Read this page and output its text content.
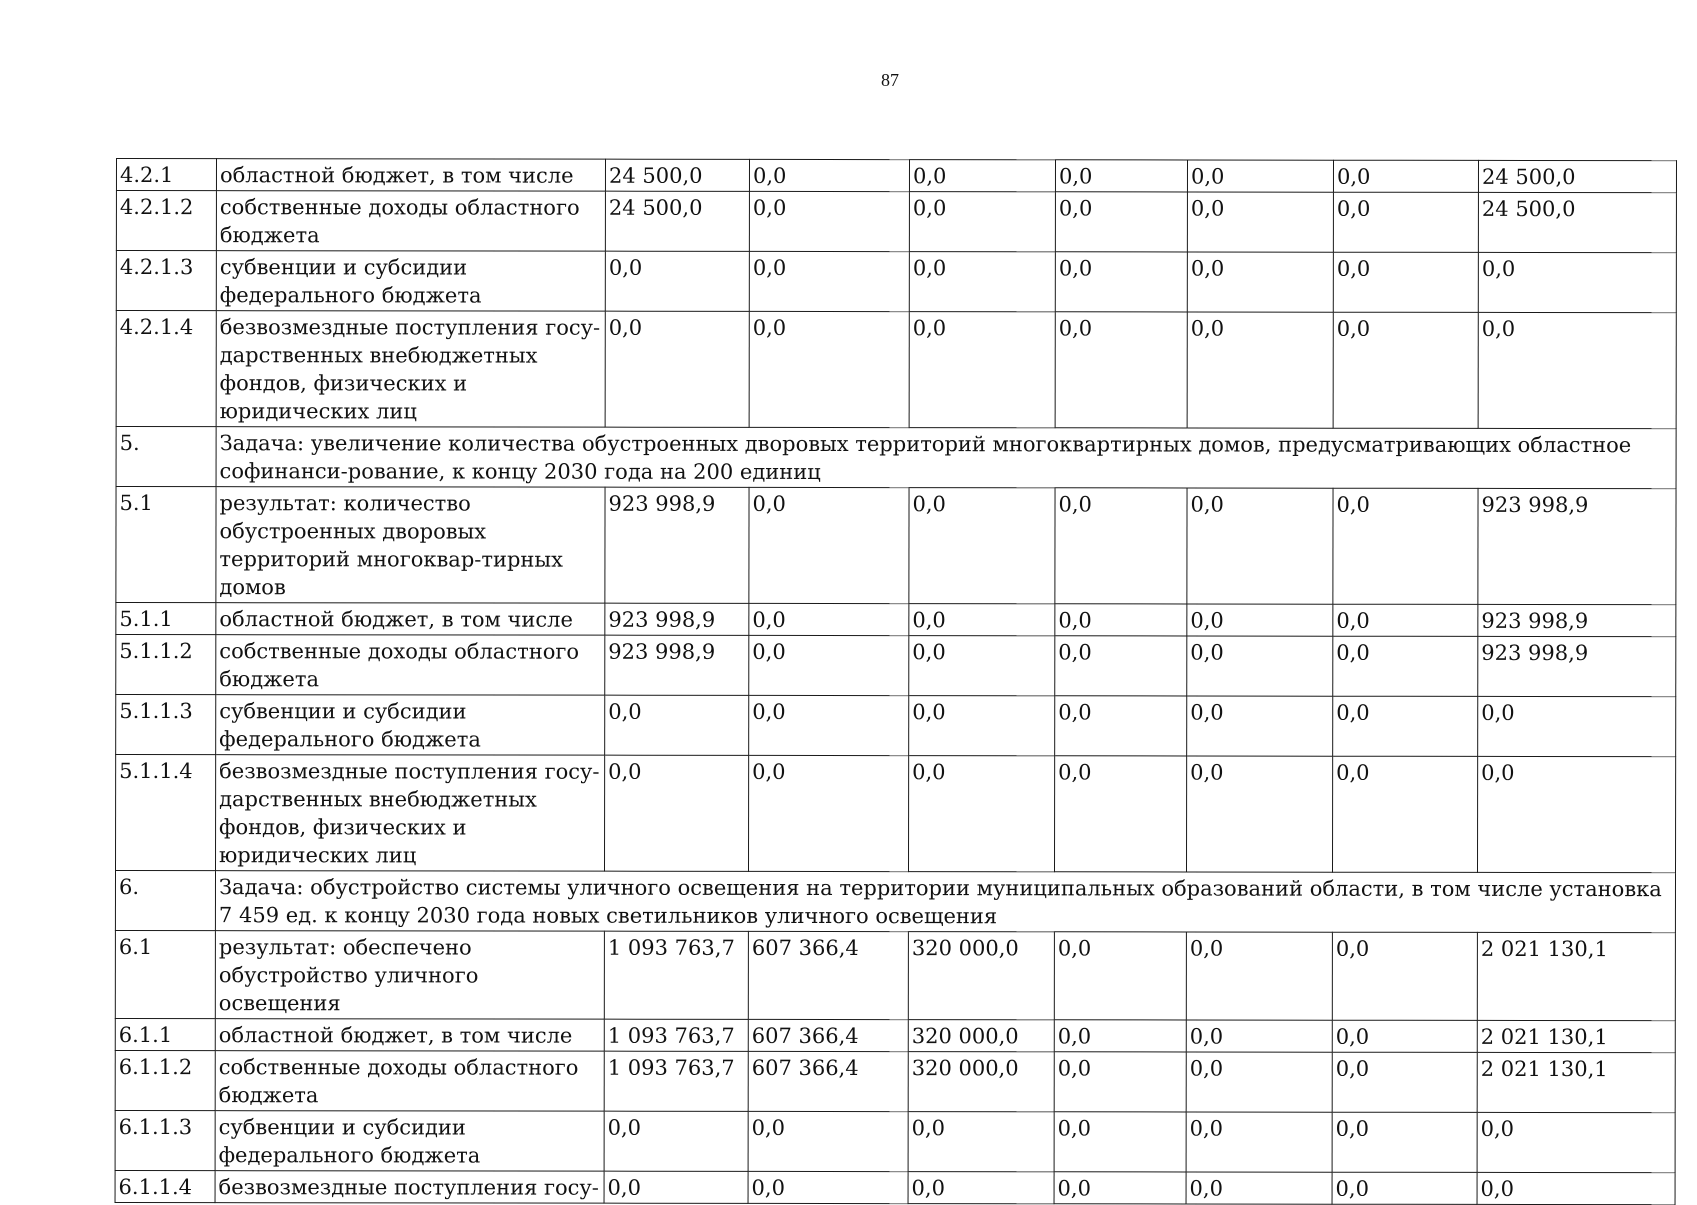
87
4.2.1	областной бюджет, в том числе	24 500,0	0,0	0,0	0,0	0,0	0,0	24 500,0
4.2.1.2	собственные доходы областного бюджета	24 500,0	0,0	0,0	0,0	0,0	0,0	24 500,0
4.2.1.3	субвенции и субсидии федерального бюджета	0,0	0,0	0,0	0,0	0,0	0,0	0,0
4.2.1.4	безвозмездные поступления госу-дарственных внебюджетных фондов, физических и юридических лиц	0,0	0,0	0,0	0,0	0,0	0,0	0,0
5.	Задача: увеличение количества обустроенных дворовых территорий многоквартирных домов, предусматривающих областное софинанси-рование, к концу 2030 года на 200 единиц							
5.1	результат: количество обустроенных дворовых территорий многоквар-тирных домов	923 998,9	0,0	0,0	0,0	0,0	0,0	923 998,9
5.1.1	областной бюджет, в том числе	923 998,9	0,0	0,0	0,0	0,0	0,0	923 998,9
5.1.1.2	собственные доходы областного бюджета	923 998,9	0,0	0,0	0,0	0,0	0,0	923 998,9
5.1.1.3	субвенции и субсидии федерального бюджета	0,0	0,0	0,0	0,0	0,0	0,0	0,0
5.1.1.4	безвозмездные поступления госу-дарственных внебюджетных фондов, физических и юридических лиц	0,0	0,0	0,0	0,0	0,0	0,0	0,0
6.	Задача: обустройство системы уличного освещения на территории муниципальных образований области, в том числе установка 7 459 ед. к концу 2030 года новых светильников уличного освещения							
6.1	результат: обеспечено обустройство уличного освещения	1 093 763,7	607 366,4	320 000,0	0,0	0,0	0,0	2 021 130,1
6.1.1	областной бюджет, в том числе	1 093 763,7	607 366,4	320 000,0	0,0	0,0	0,0	2 021 130,1
6.1.1.2	собственные доходы областного бюджета	1 093 763,7	607 366,4	320 000,0	0,0	0,0	0,0	2 021 130,1
6.1.1.3	субвенции и субсидии федерального бюджета	0,0	0,0	0,0	0,0	0,0	0,0	0,0
6.1.1.4	безвозмездные поступления госу-	0,0	0,0	0,0	0,0	0,0	0,0	0,0
